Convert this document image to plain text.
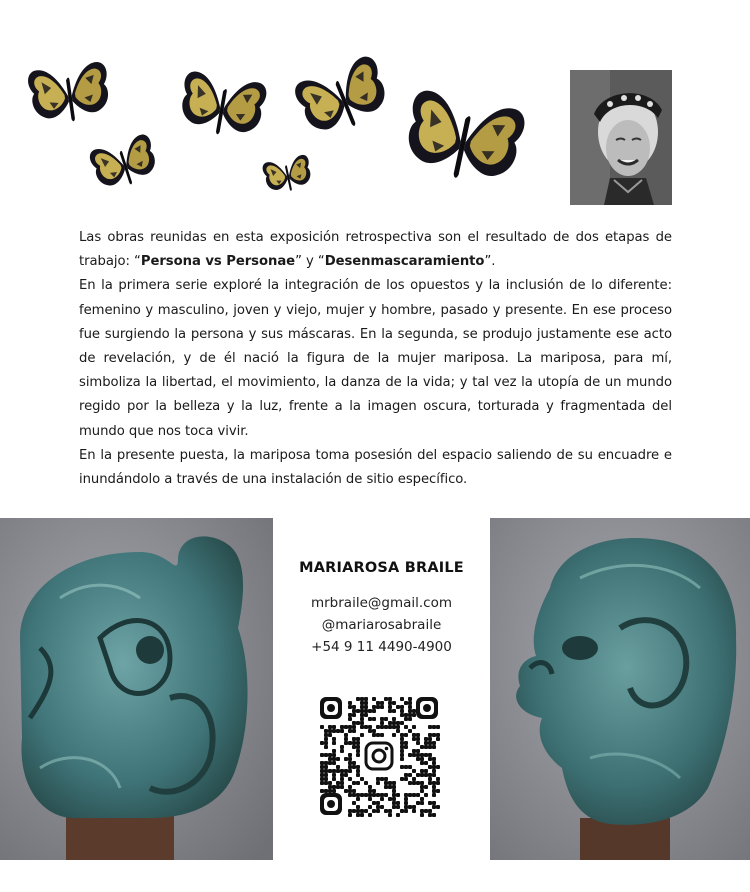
Las obras reunidas en esta exposición retrospectiva son el resultado de dos etapas de trabajo: “Persona vs Personae” y “Desenmascaramiento”.

En la primera serie exploré la integración de los opuestos y la inclusión de lo diferente: femenino y masculino, joven y viejo, mujer y hombre, pasado y presente. En ese proceso fue surgiendo la persona y sus máscaras. En la segunda, se produjo justamente ese acto de revelación, y de él nació la figura de la mujer mariposa. La mariposa, para mí, simboliza la libertad, el movimiento, la danza de la vida; y tal vez la utopía de un mundo regido por la belleza y la luz, frente a la imagen oscura, torturada y fragmentada del mundo que nos toca vivir.

En la presente puesta, la mariposa toma posesión del espacio saliendo de su encuadre e inundándolo a través de una instalación de sitio específico.

MARIAROSA BRAILE

mrbraile@gmail.com

@mariarosabraile

+54 9 11 4490-4900
